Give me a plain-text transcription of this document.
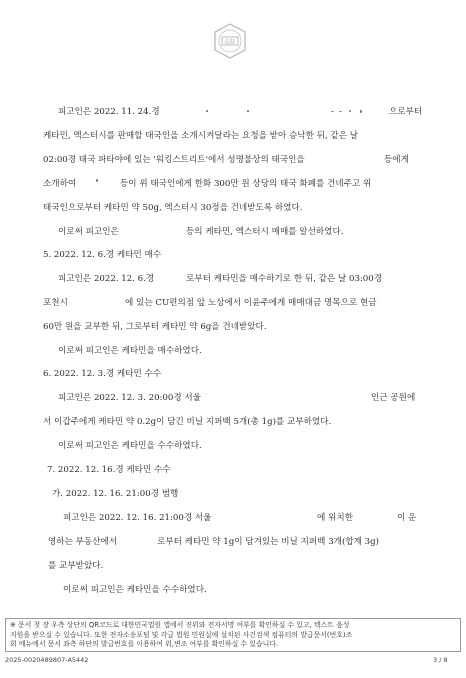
法院
피고인은 2022. 11. 24.경	으로부터
케타민, 엑스터시를 판매할 태국인을 소개시켜달라는 요청을 받아 승낙한 뒤, 같은 날
02:00경 태국 파타야에 있는 '워킹스트리트'에서 성명불상의 태국인을	등에게
소개하여	등이 위 태국인에게 한화 300만 원 상당의 태국 화폐를 건네주고 위
태국인으로부터 케타민 약 50g, 엑스터시 30정을 건네받도록 하였다.
이로써 피고인은	등의 케타민, 엑스터시 매매를 알선하였다.
5. 2022. 12. 6.경 케타민 매수
피고인은 2022. 12. 6.경	로부터 케타민을 매수하기로 한 뒤, 같은 날 03:00경
포천시	에 있는 CU편의점 앞 노상에서 이윤주에게 매매대금 명목으로 현금
60만 원을 교부한 뒤, 그로부터 케타민 약 6g을 건네받았다.
이로써 피고인은 케타민을 매수하였다.
6. 2022. 12. 3.경 케타민 수수
피고인은 2022. 12. 3. 20:00경 서울	인근 공원에
서 이갑주에게 케타민 약 0.2g이 담긴 비닐 지퍼백 5개(총 1g)를 교부하였다.
이로써 피고인은 케타민을 수수하였다.
7. 2022. 12. 16.경 케타민 수수
가. 2022. 12. 16. 21:00경 범행
피고인은 2022. 12. 16. 21:00경 서울	에 위치한	이 운
영하는 부동산에서	로부터 케타민 약 1g이 담겨있는 비닐 지퍼백 3개(합계 3g)
를 교부받았다.
이로써 피고인은 케타민을 수수하였다.
※ 문서 첫 장 우측 상단의 QR코드로 대한민국법원 앱에서 진위와 전자서명 여부를 확인하실 수 있고, 텍스트 음성
지원을 받으실 수 있습니다. 또한 전자소송포털 및 각급 법원 민원실에 설치된 사건검색 컴퓨터의 발급문서(번호)조
회 메뉴에서 문서 좌측 하단의 발급번호를 이용하여 위,변조 여부를 확인하실 수 있습니다.
2025-0020489807-A5442	3 / 8
